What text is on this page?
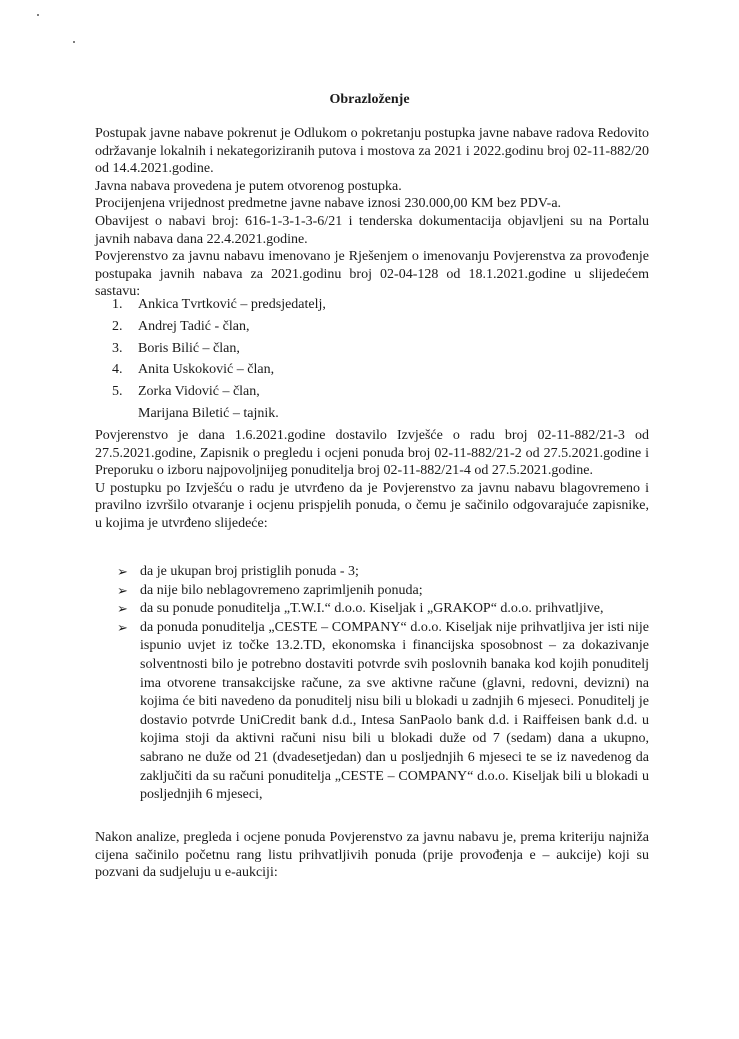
Obrazloženje

Postupak javne nabave pokrenut je Odlukom o pokretanju postupka javne nabave radova Redovito održavanje lokalnih i nekategoriziranih putova i mostova za 2021 i 2022.godinu broj 02-11-882/20 od 14.4.2021.godine.

Javna nabava provedena je putem otvorenog postupka.

Procijenjena vrijednost predmetne javne nabave iznosi 230.000,00 KM bez PDV-a.

Obavijest o nabavi broj: 616-1-3-1-3-6/21 i tenderska dokumentacija objavljeni su na Portalu javnih nabava dana 22.4.2021.godine.

Povjerenstvo za javnu nabavu imenovano je Rješenjem o imenovanju Povjerenstva za provođenje postupaka javnih nabava za 2021.godinu broj 02-04-128 od 18.1.2021.godine u slijedećem sastavu:

1.	Ankica Tvrtković – predsjedatelj,
2.	Andrej Tadić - član,
3.	Boris Bilić – član,
4.	Anita Uskoković – član,
5.	Zorka Vidović – član,
Marijana Biletić – tajnik.

Povjerenstvo je dana 1.6.2021.godine dostavilo Izvješće o radu broj 02-11-882/21-3 od 27.5.2021.godine, Zapisnik o pregledu i ocjeni ponuda broj 02-11-882/21-2 od 27.5.2021.godine i Preporuku o izboru najpovoljnijeg ponuditelja broj 02-11-882/21-4 od 27.5.2021.godine.

U postupku po Izvješću o radu je utvrđeno da je Povjerenstvo za javnu nabavu blagovremeno i pravilno izvršilo otvaranje i ocjenu prispjelih ponuda, o čemu je sačinilo odgovarajuće zapisnike, u kojima je utvrđeno slijedeće:

➢ da je ukupan broj pristiglih ponuda - 3;
➢ da nije bilo neblagovremeno zaprimljenih ponuda;
➢ da su ponude ponuditelja „T.W.I.“ d.o.o. Kiseljak i „GRAKOP“ d.o.o. prihvatljive,
➢ da ponuda ponuditelja „CESTE – COMPANY“ d.o.o. Kiseljak nije prihvatljiva jer isti nije ispunio uvjet iz točke 13.2.TD, ekonomska i financijska sposobnost – za dokazivanje solventnosti bilo je potrebno dostaviti potvrde svih poslovnih banaka kod kojih ponuditelj ima otvorene transakcijske račune, za sve aktivne račune (glavni, redovni, devizni) na kojima će biti navedeno da ponuditelj nisu bili u blokadi u zadnjih 6 mjeseci. Ponuditelj je dostavio potvrde UniCredit bank d.d., Intesa SanPaolo bank d.d. i Raiffeisen bank d.d. u kojima stoji da aktivni računi nisu bili u blokadi duže od 7 (sedam) dana a ukupno, sabrano ne duže od 21 (dvadesetjedan) dan u posljednjih 6 mjeseci te se iz navedenog da zaključiti da su računi ponuditelja „CESTE – COMPANY“ d.o.o. Kiseljak bili u blokadi u posljednjih 6 mjeseci,

Nakon analize, pregleda i ocjene ponuda Povjerenstvo za javnu nabavu je, prema kriteriju najniža cijena sačinilo početnu rang listu prihvatljivih ponuda (prije provođenja e – aukcije) koji su pozvani da sudjeluju u e-aukciji:
